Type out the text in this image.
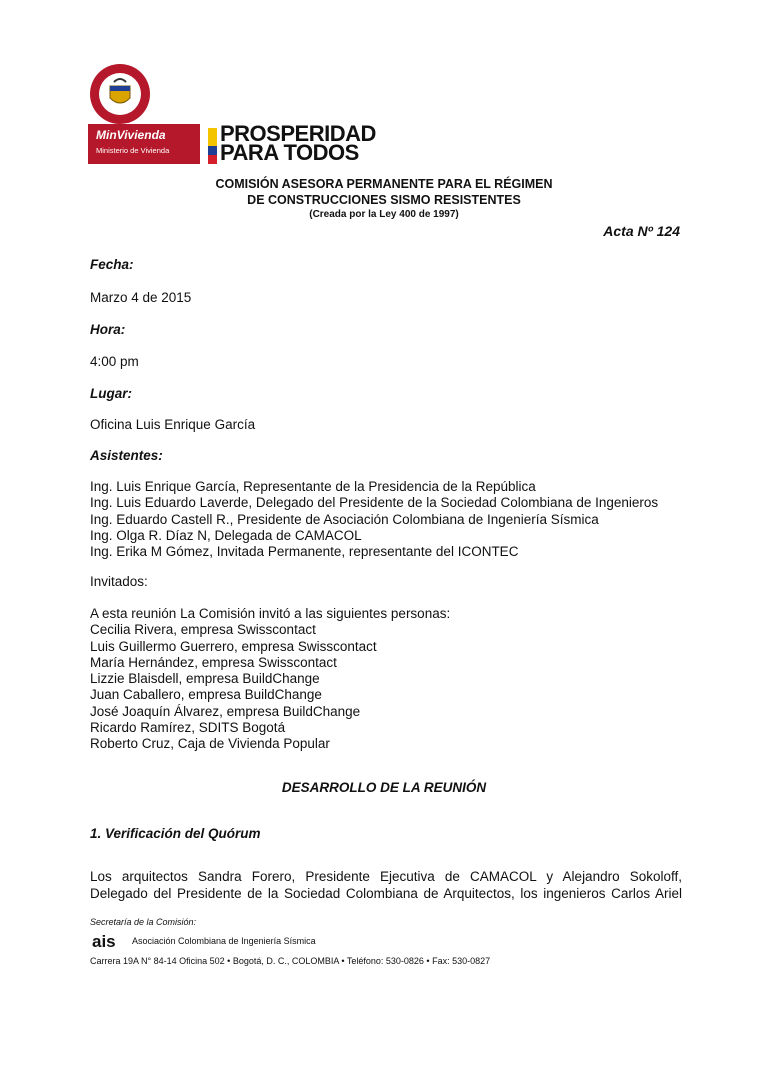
MinVivienda
Ministerio de Vivienda
PROSPERIDAD
PARA TODOS
COMISIÓN ASESORA PERMANENTE PARA EL RÉGIMEN
DE CONSTRUCCIONES SISMO RESISTENTES
(Creada por la Ley 400 de 1997)
Acta Nº 124
Fecha:
Marzo 4 de 2015
Hora:
4:00 pm
Lugar:
Oficina Luis Enrique García
Asistentes:
Ing. Luis Enrique García, Representante de la Presidencia de la República
Ing. Luis Eduardo Laverde, Delegado del Presidente de la Sociedad Colombiana de Ingenieros
Ing. Eduardo Castell R., Presidente de Asociación Colombiana de Ingeniería Sísmica
Ing. Olga R. Díaz N, Delegada de CAMACOL
Ing. Erika M Gómez, Invitada Permanente, representante del ICONTEC
Invitados:
A esta reunión La Comisión invitó a las siguientes personas:
Cecilia Rivera, empresa Swisscontact
Luis Guillermo Guerrero, empresa Swisscontact
María Hernández, empresa Swisscontact
Lizzie Blaisdell, empresa BuildChange
Juan Caballero, empresa BuildChange
José Joaquín Álvarez, empresa BuildChange
Ricardo Ramírez, SDITS Bogotá
Roberto Cruz, Caja de Vivienda Popular
DESARROLLO DE LA REUNIÓN
1. Verificación del Quórum
Los arquitectos Sandra Forero, Presidente Ejecutiva de CAMACOL y Alejandro Sokoloff,
Delegado del Presidente de la Sociedad Colombiana de Arquitectos, los ingenieros Carlos Ariel
Secretaría de la Comisión:
ais Asociación Colombiana de Ingeniería Sísmica
Carrera 19A N° 84-14 Oficina 502 • Bogotá, D. C., COLOMBIA • Teléfono: 530-0826 • Fax: 530-0827
